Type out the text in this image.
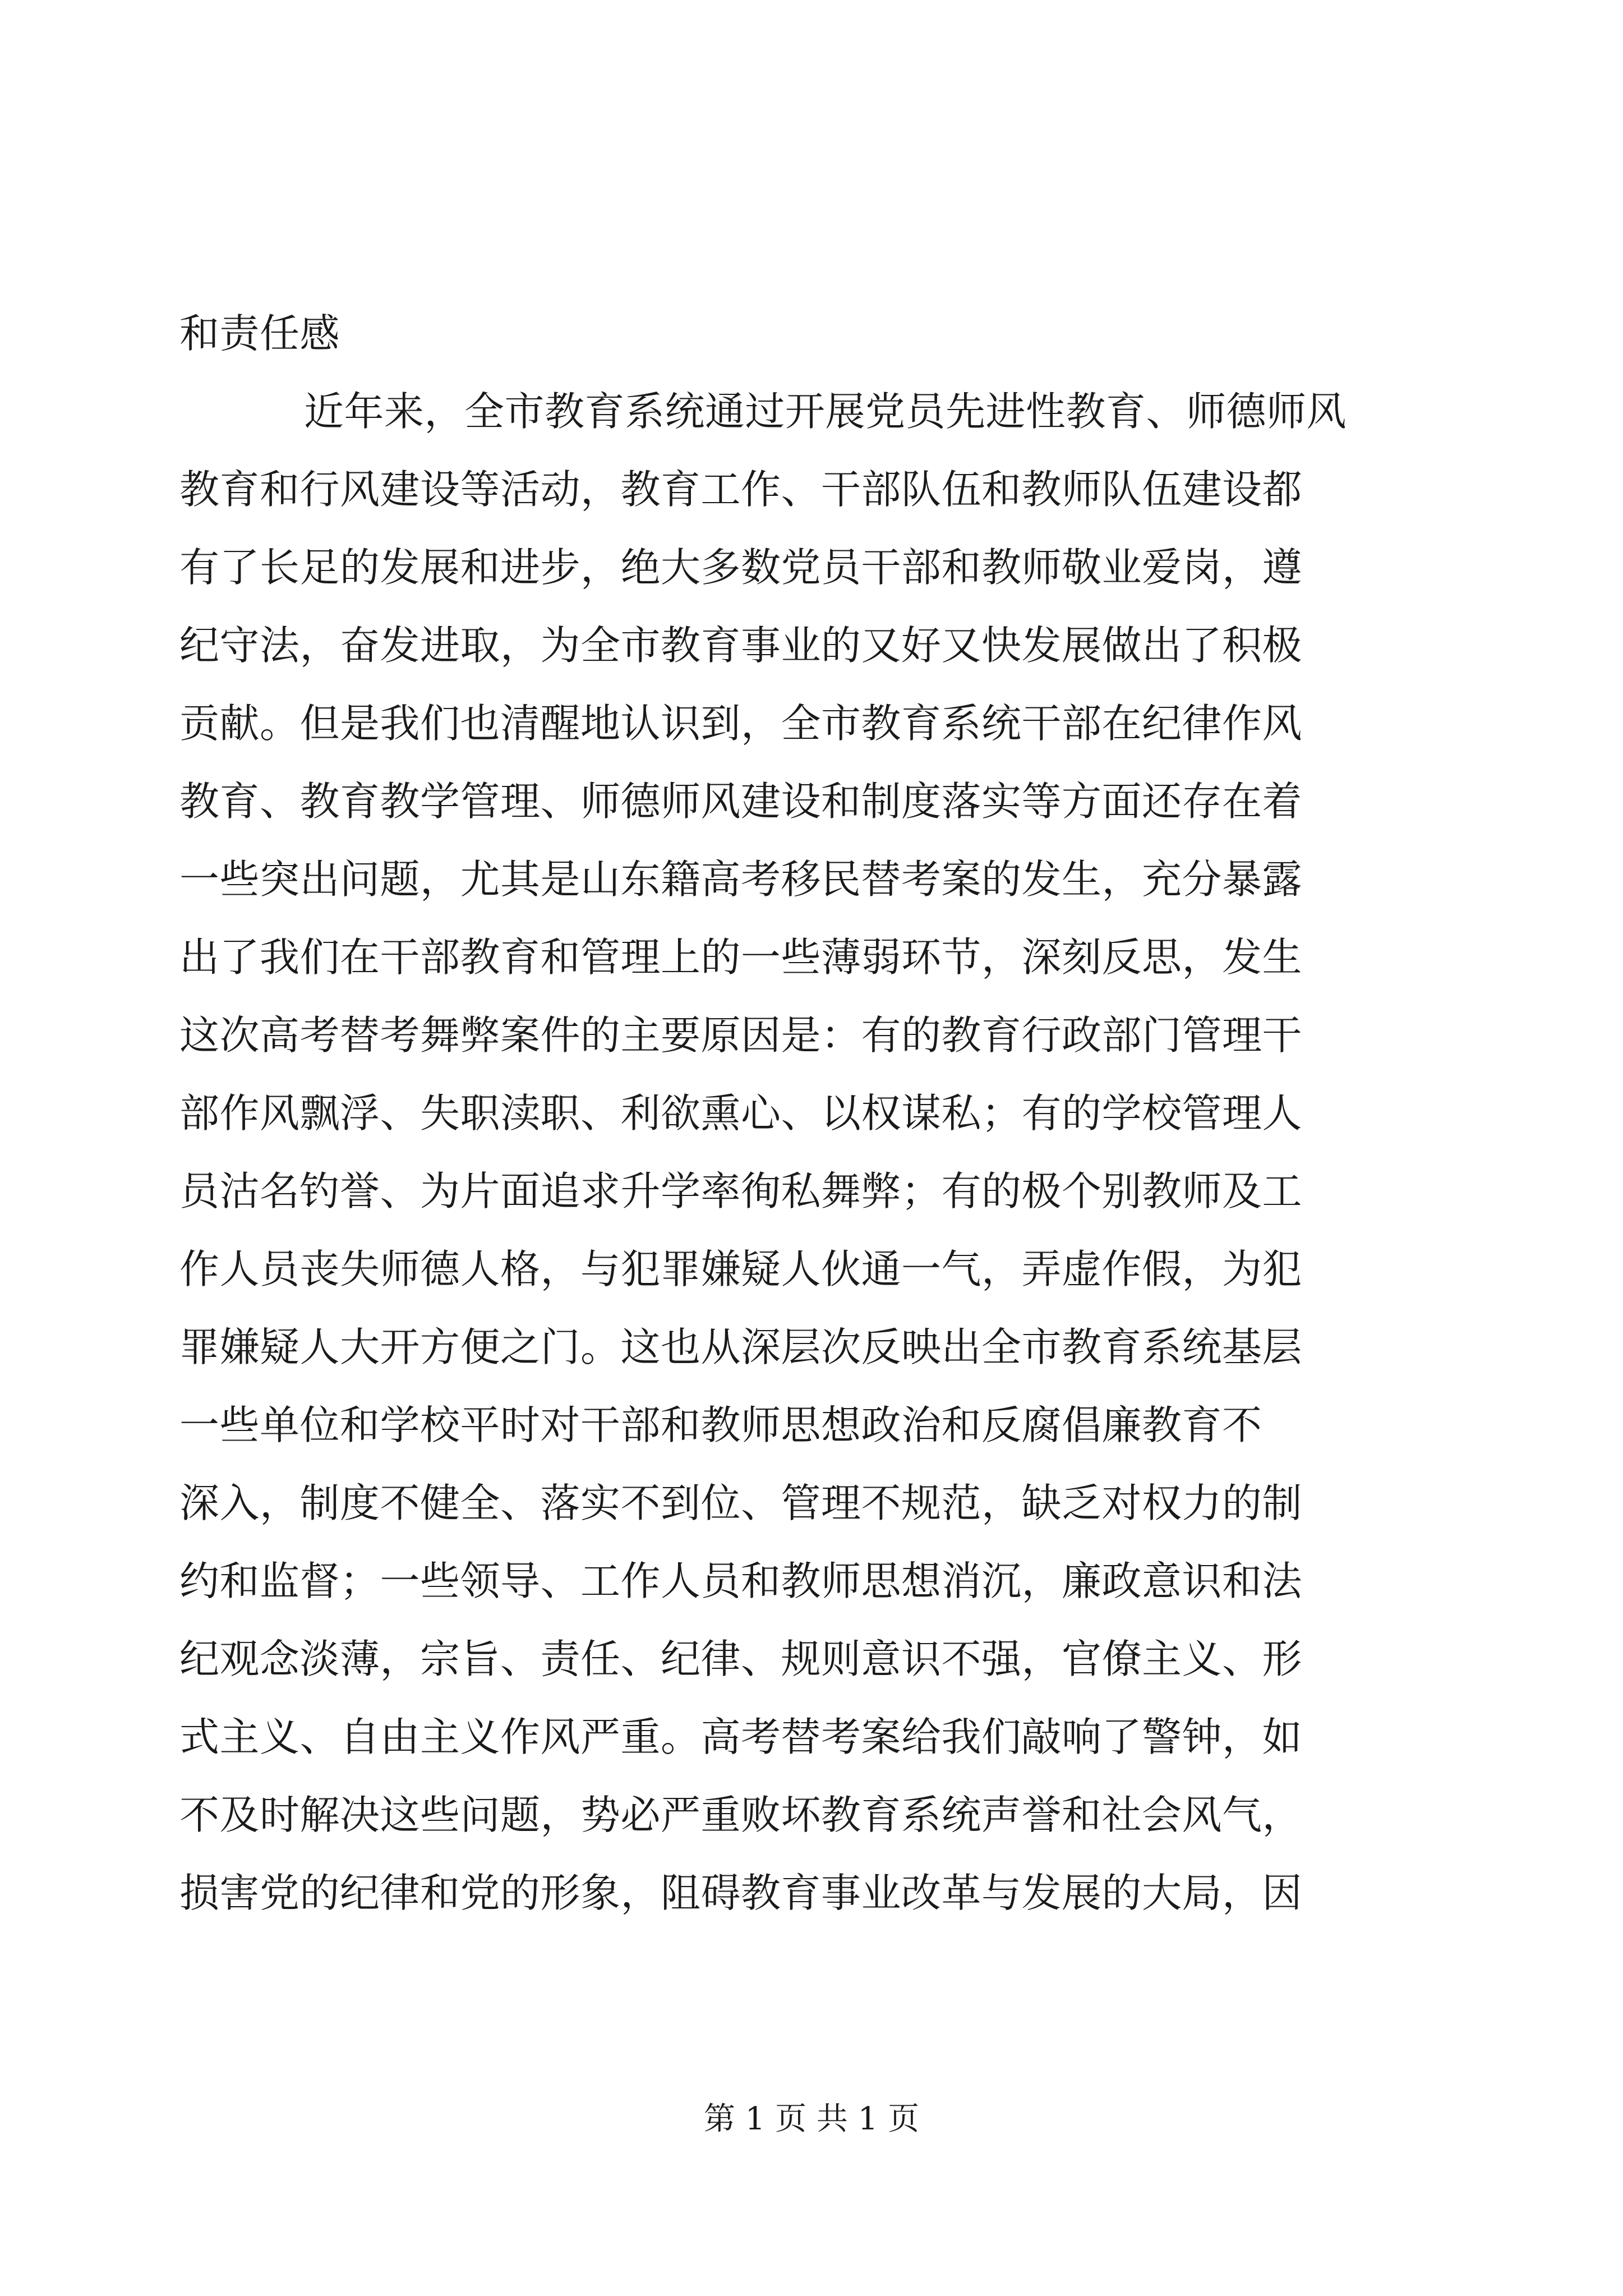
和责任感
近年来，全市教育系统通过开展党员先进性教育、师德师风
教育和行风建设等活动，教育工作、干部队伍和教师队伍建设都
有了长足的发展和进步，绝大多数党员干部和教师敬业爱岗，遵
纪守法，奋发进取，为全市教育事业的又好又快发展做出了积极
贡献。但是我们也清醒地认识到，全市教育系统干部在纪律作风
教育、教育教学管理、师德师风建设和制度落实等方面还存在着
一些突出问题，尤其是山东籍高考移民替考案的发生，充分暴露
出了我们在干部教育和管理上的一些薄弱环节，深刻反思，发生
这次高考替考舞弊案件的主要原因是：有的教育行政部门管理干
部作风飘浮、失职渎职、利欲熏心、以权谋私；有的学校管理人
员沽名钓誉、为片面追求升学率徇私舞弊；有的极个别教师及工
作人员丧失师德人格，与犯罪嫌疑人伙通一气，弄虚作假，为犯
罪嫌疑人大开方便之门。这也从深层次反映出全市教育系统基层
一些单位和学校平时对干部和教师思想政治和反腐倡廉教育不
深入，制度不健全、落实不到位、管理不规范，缺乏对权力的制
约和监督；一些领导、工作人员和教师思想消沉，廉政意识和法
纪观念淡薄，宗旨、责任、纪律、规则意识不强，官僚主义、形
式主义、自由主义作风严重。高考替考案给我们敲响了警钟，如
不及时解决这些问题，势必严重败坏教育系统声誉和社会风气，
损害党的纪律和党的形象，阻碍教育事业改革与发展的大局，因
第 1 页 共 1 页
